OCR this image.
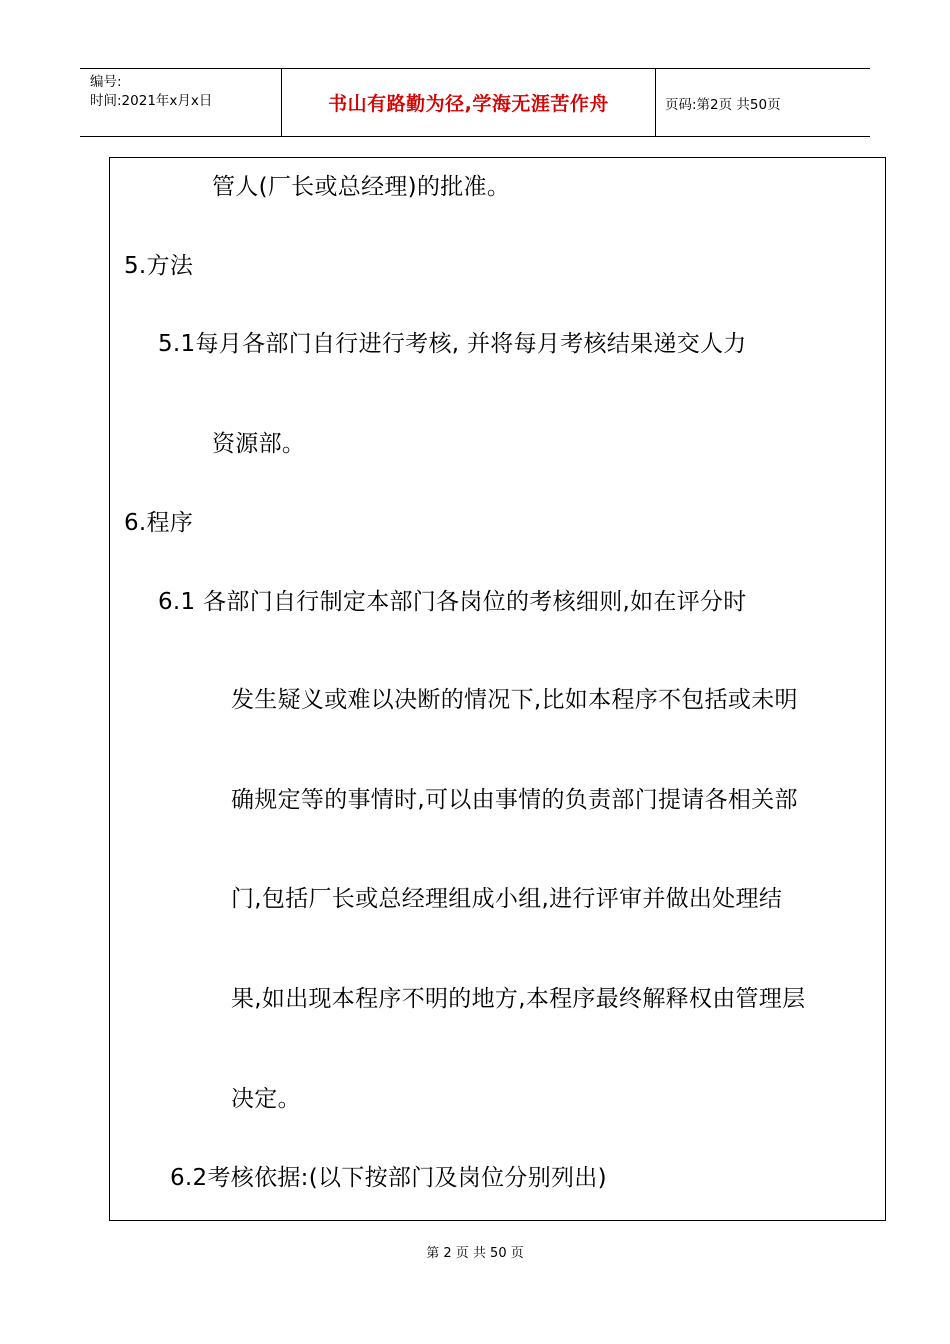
编号:
时间:2021年x月x日	书山有路勤为径,学海无涯苦作舟	页码:第2页 共50页
管人(厂长或总经理)的批准。
5.方法
5.1每月各部门自行进行考核, 并将每月考核结果递交人力
资源部。
6.程序
6.1 各部门自行制定本部门各岗位的考核细则,如在评分时
发生疑义或难以决断的情况下,比如本程序不包括或未明
确规定等的事情时,可以由事情的负责部门提请各相关部
门,包括厂长或总经理组成小组,进行评审并做出处理结
果,如出现本程序不明的地方,本程序最终解释权由管理层
决定。
6.2考核依据:(以下按部门及岗位分别列出)
第 2 页 共 50 页
